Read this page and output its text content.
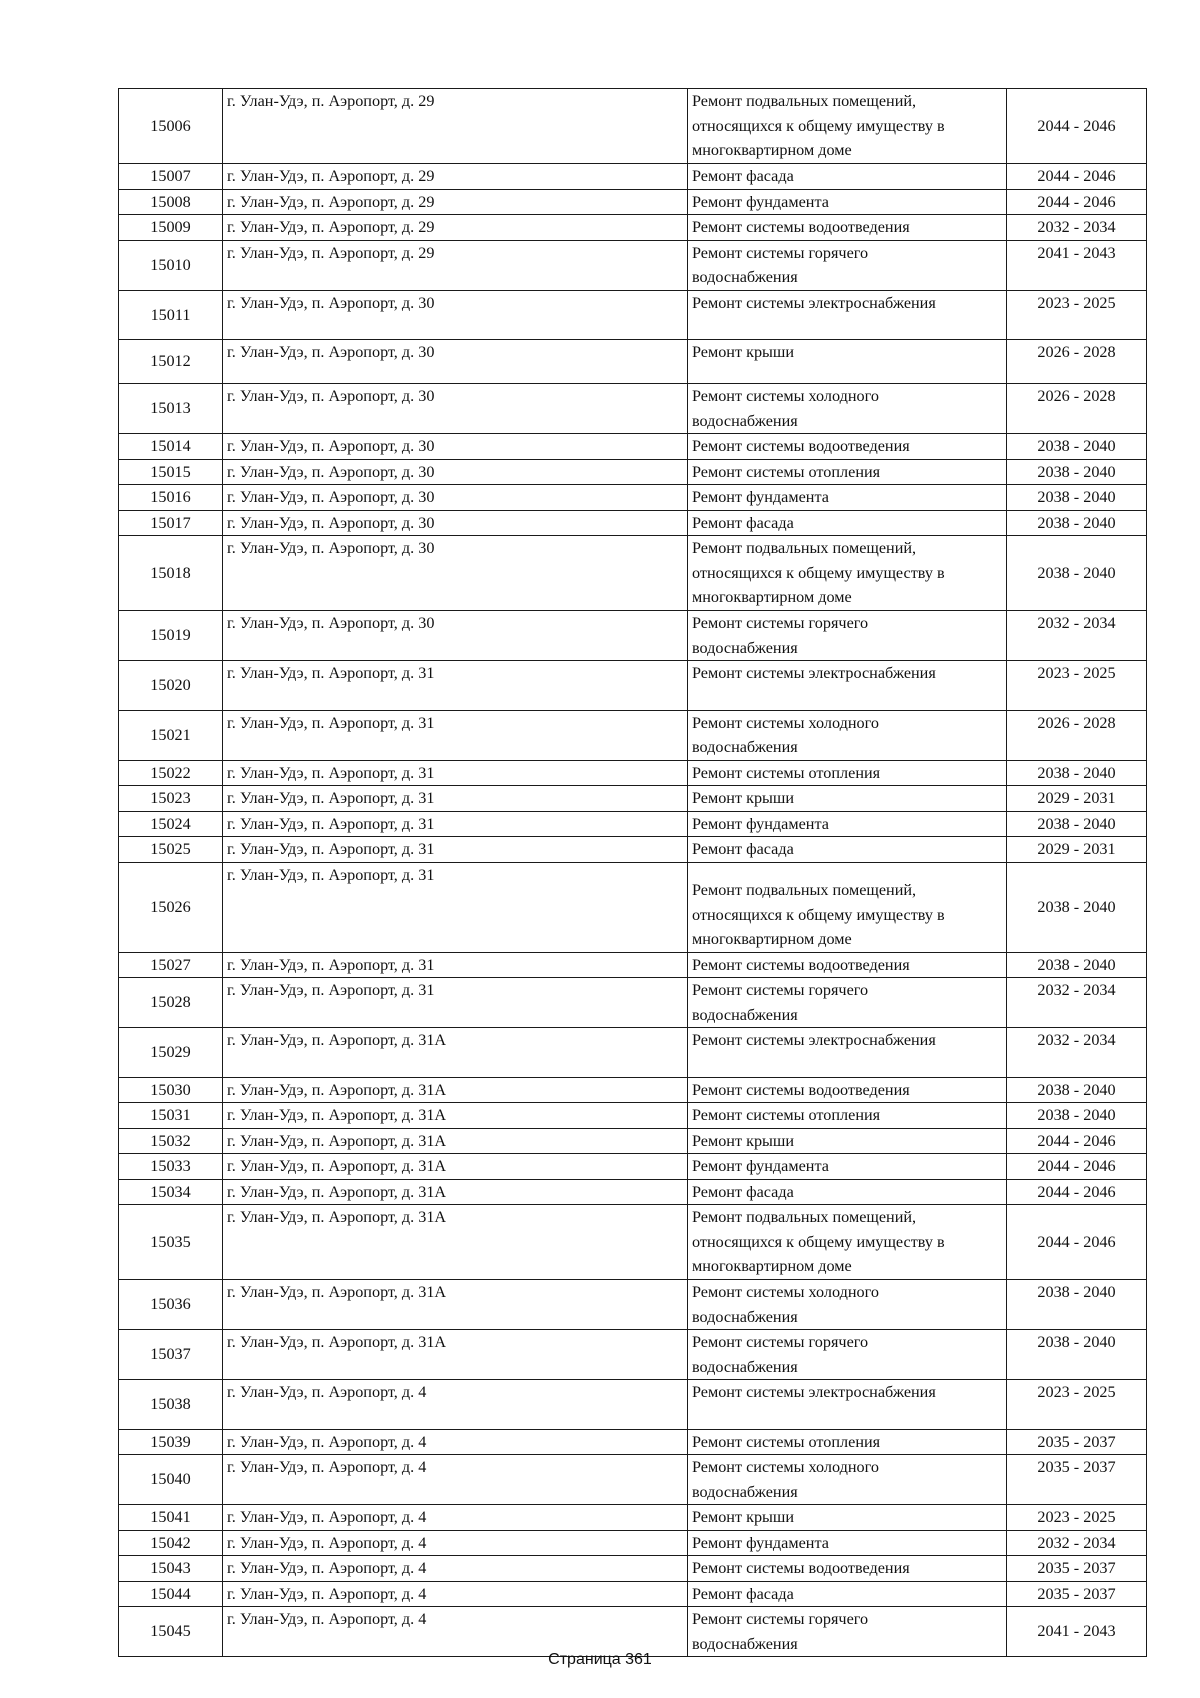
15006	г. Улан-Удэ, п. Аэропорт, д. 29	Ремонт подвальных помещений,
относящихся к общему имуществу в
многоквартирном доме	2044 - 2046
15007	г. Улан-Удэ, п. Аэропорт, д. 29	Ремонт фасада	2044 - 2046
15008	г. Улан-Удэ, п. Аэропорт, д. 29	Ремонт фундамента	2044 - 2046
15009	г. Улан-Удэ, п. Аэропорт, д. 29	Ремонт системы водоотведения	2032 - 2034
15010	г. Улан-Удэ, п. Аэропорт, д. 29	Ремонт системы горячего
водоснабжения	2041 - 2043
15011	г. Улан-Удэ, п. Аэропорт, д. 30	Ремонт системы электроснабжения	2023 - 2025
15012	г. Улан-Удэ, п. Аэропорт, д. 30	Ремонт крыши	2026 - 2028
15013	г. Улан-Удэ, п. Аэропорт, д. 30	Ремонт системы холодного
водоснабжения	2026 - 2028
15014	г. Улан-Удэ, п. Аэропорт, д. 30	Ремонт системы водоотведения	2038 - 2040
15015	г. Улан-Удэ, п. Аэропорт, д. 30	Ремонт системы отопления	2038 - 2040
15016	г. Улан-Удэ, п. Аэропорт, д. 30	Ремонт фундамента	2038 - 2040
15017	г. Улан-Удэ, п. Аэропорт, д. 30	Ремонт фасада	2038 - 2040
15018	г. Улан-Удэ, п. Аэропорт, д. 30	Ремонт подвальных помещений,
относящихся к общему имуществу в
многоквартирном доме	2038 - 2040
15019	г. Улан-Удэ, п. Аэропорт, д. 30	Ремонт системы горячего
водоснабжения	2032 - 2034
15020	г. Улан-Удэ, п. Аэропорт, д. 31	Ремонт системы электроснабжения	2023 - 2025
15021	г. Улан-Удэ, п. Аэропорт, д. 31	Ремонт системы холодного
водоснабжения	2026 - 2028
15022	г. Улан-Удэ, п. Аэропорт, д. 31	Ремонт системы отопления	2038 - 2040
15023	г. Улан-Удэ, п. Аэропорт, д. 31	Ремонт крыши	2029 - 2031
15024	г. Улан-Удэ, п. Аэропорт, д. 31	Ремонт фундамента	2038 - 2040
15025	г. Улан-Удэ, п. Аэропорт, д. 31	Ремонт фасада	2029 - 2031
15026	г. Улан-Удэ, п. Аэропорт, д. 31	Ремонт подвальных помещений,
относящихся к общему имуществу в
многоквартирном доме	2038 - 2040
15027	г. Улан-Удэ, п. Аэропорт, д. 31	Ремонт системы водоотведения	2038 - 2040
15028	г. Улан-Удэ, п. Аэропорт, д. 31	Ремонт системы горячего
водоснабжения	2032 - 2034
15029	г. Улан-Удэ, п. Аэропорт, д. 31А	Ремонт системы электроснабжения	2032 - 2034
15030	г. Улан-Удэ, п. Аэропорт, д. 31А	Ремонт системы водоотведения	2038 - 2040
15031	г. Улан-Удэ, п. Аэропорт, д. 31А	Ремонт системы отопления	2038 - 2040
15032	г. Улан-Удэ, п. Аэропорт, д. 31А	Ремонт крыши	2044 - 2046
15033	г. Улан-Удэ, п. Аэропорт, д. 31А	Ремонт фундамента	2044 - 2046
15034	г. Улан-Удэ, п. Аэропорт, д. 31А	Ремонт фасада	2044 - 2046
15035	г. Улан-Удэ, п. Аэропорт, д. 31А	Ремонт подвальных помещений,
относящихся к общему имуществу в
многоквартирном доме	2044 - 2046
15036	г. Улан-Удэ, п. Аэропорт, д. 31А	Ремонт системы холодного
водоснабжения	2038 - 2040
15037	г. Улан-Удэ, п. Аэропорт, д. 31А	Ремонт системы горячего
водоснабжения	2038 - 2040
15038	г. Улан-Удэ, п. Аэропорт, д. 4	Ремонт системы электроснабжения	2023 - 2025
15039	г. Улан-Удэ, п. Аэропорт, д. 4	Ремонт системы отопления	2035 - 2037
15040	г. Улан-Удэ, п. Аэропорт, д. 4	Ремонт системы холодного
водоснабжения	2035 - 2037
15041	г. Улан-Удэ, п. Аэропорт, д. 4	Ремонт крыши	2023 - 2025
15042	г. Улан-Удэ, п. Аэропорт, д. 4	Ремонт фундамента	2032 - 2034
15043	г. Улан-Удэ, п. Аэропорт, д. 4	Ремонт системы водоотведения	2035 - 2037
15044	г. Улан-Удэ, п. Аэропорт, д. 4	Ремонт фасада	2035 - 2037
15045	г. Улан-Удэ, п. Аэропорт, д. 4	Ремонт системы горячего
водоснабжения	2041 - 2043
Страница 361
